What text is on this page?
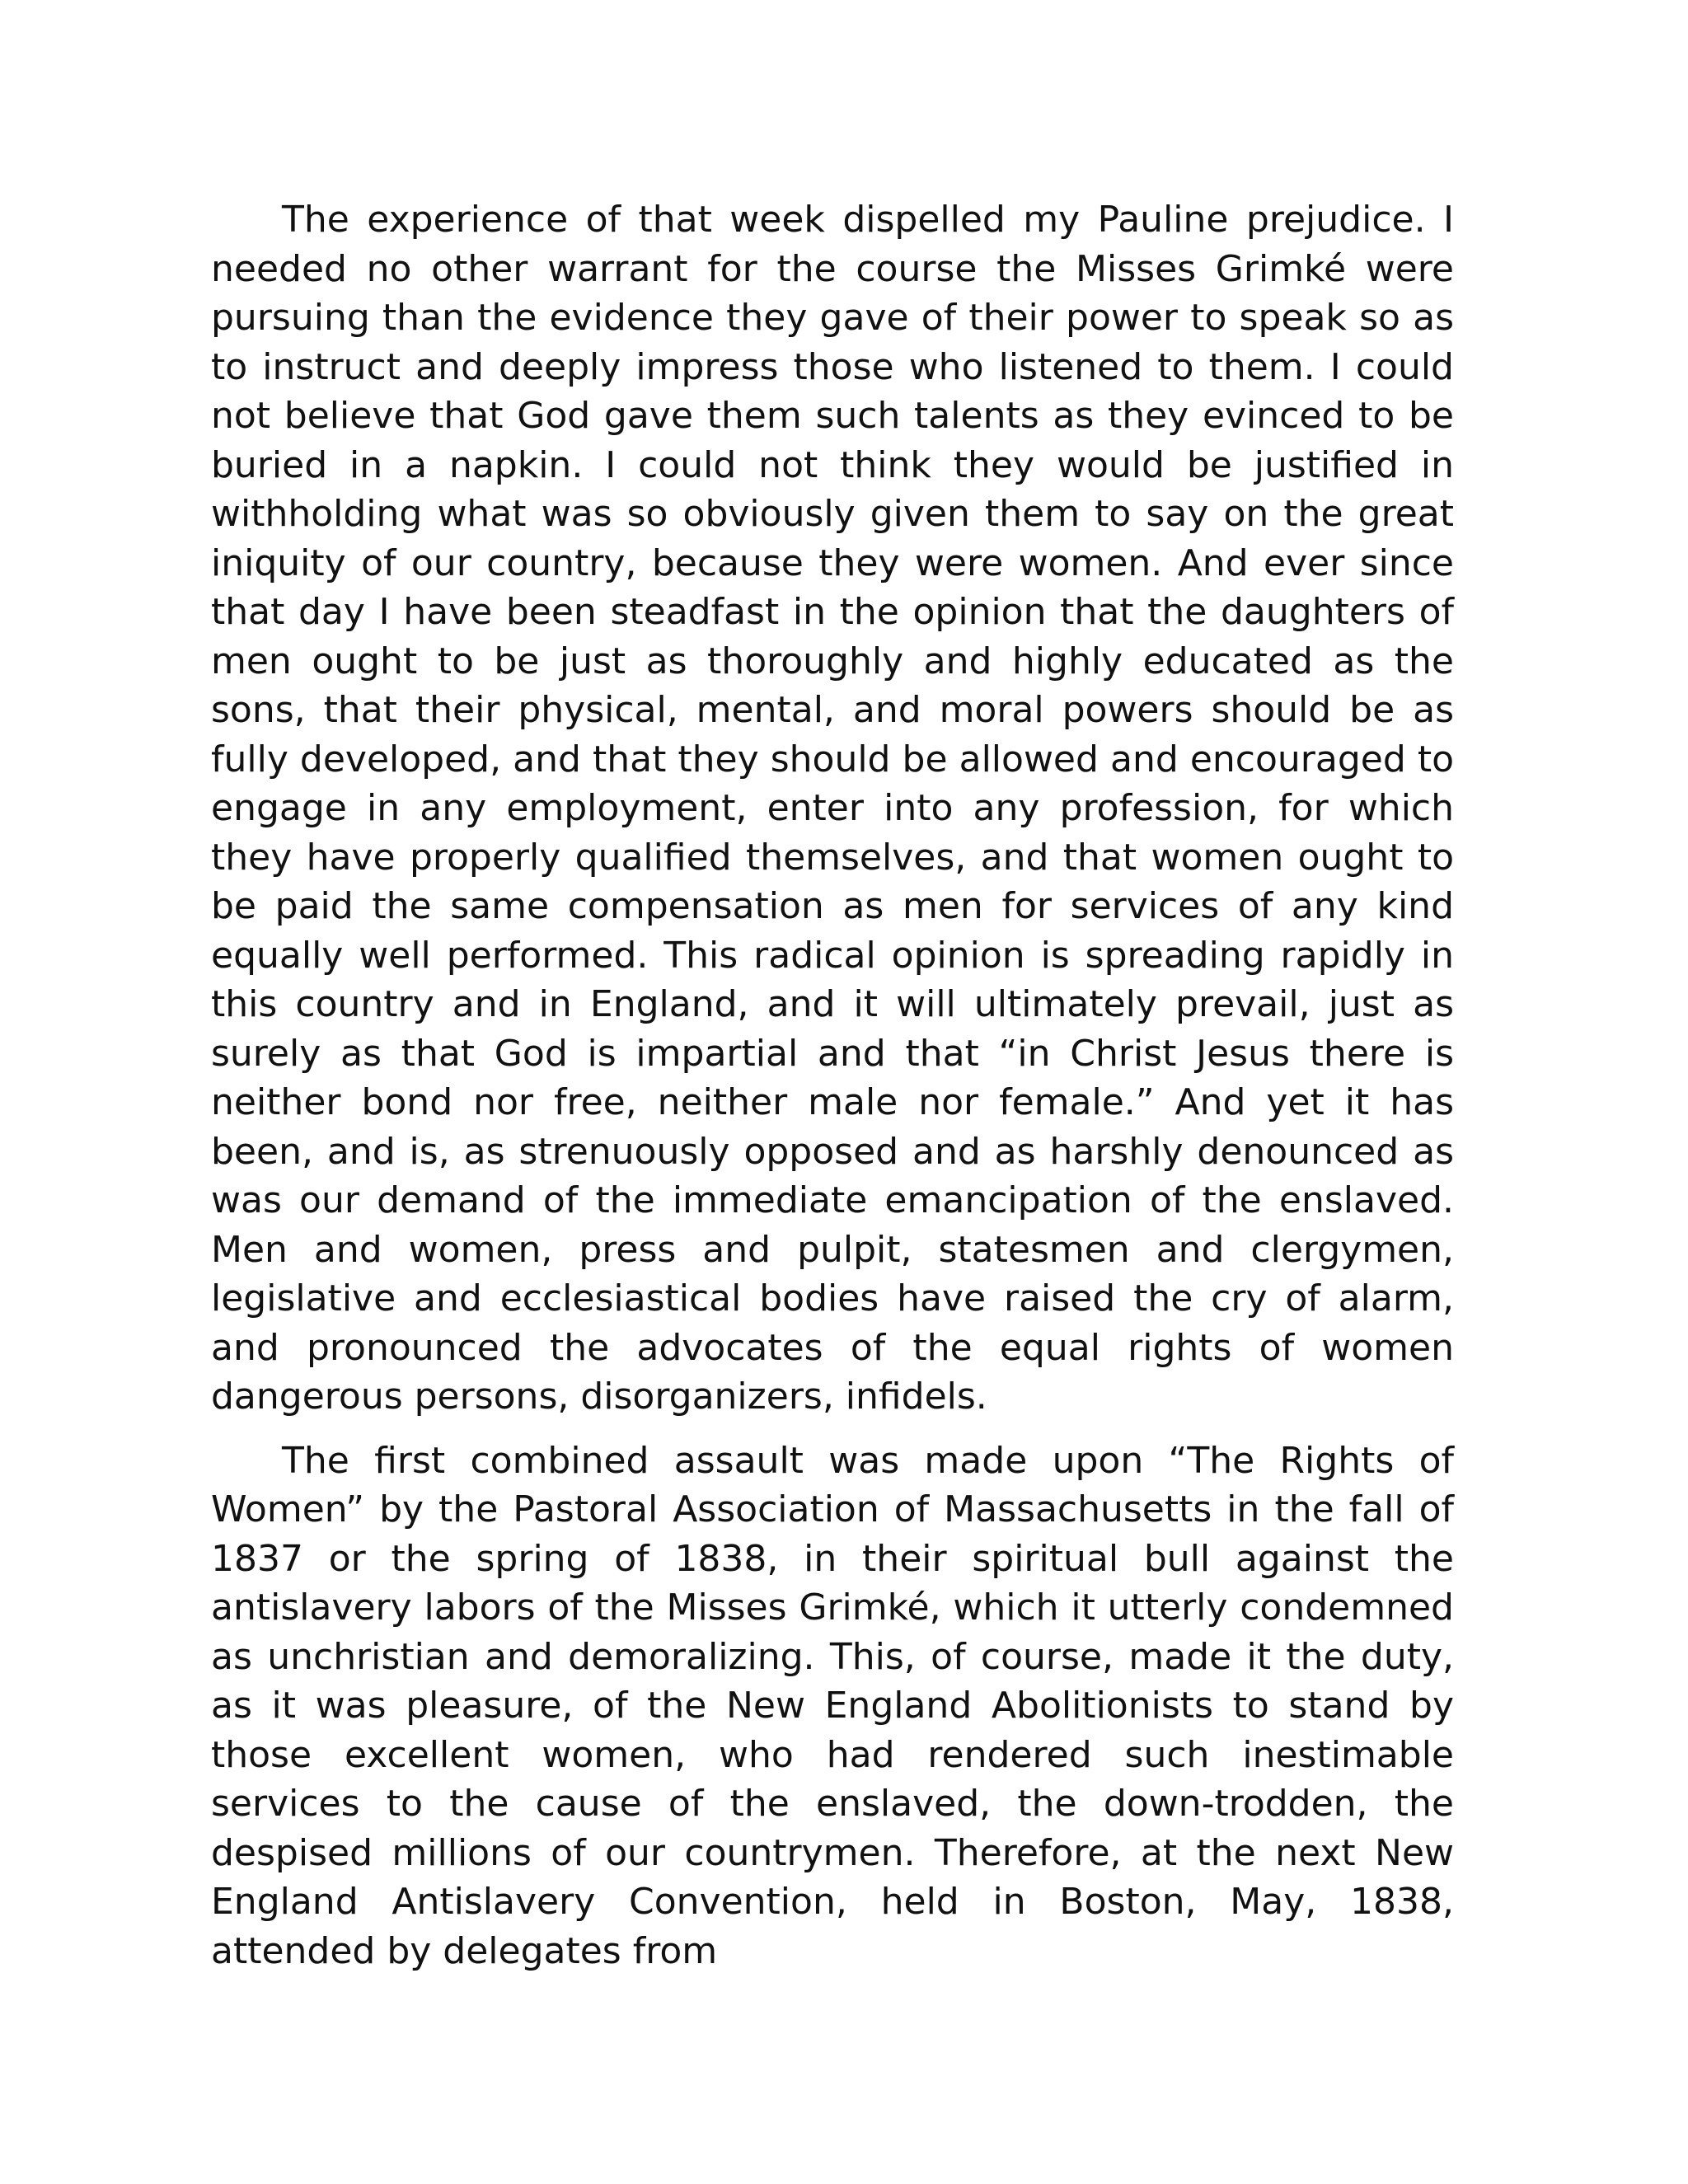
The experience of that week dispelled my Pauline prejudice. I needed no other warrant for the course the Misses Grimké were pursuing than the evidence they gave of their power to speak so as to instruct and deeply impress those who listened to them. I could not believe that God gave them such talents as they evinced to be buried in a napkin. I could not think they would be justified in withholding what was so obviously given them to say on the great iniquity of our country, because they were women. And ever since that day I have been steadfast in the opinion that the daughters of men ought to be just as thoroughly and highly educated as the sons, that their physical, mental, and moral powers should be as fully developed, and that they should be allowed and encouraged to engage in any employment, enter into any profession, for which they have properly qualified themselves, and that women ought to be paid the same compensation as men for services of any kind equally well performed. This radical opinion is spreading rapidly in this country and in England, and it will ultimately prevail, just as surely as that God is impartial and that “in Christ Jesus there is neither bond nor free, neither male nor female.” And yet it has been, and is, as strenuously opposed and as harshly denounced as was our demand of the immediate emancipation of the enslaved. Men and women, press and pulpit, statesmen and clergymen, legislative and ecclesiastical bodies have raised the cry of alarm, and pronounced the advocates of the equal rights of women dangerous persons, disorganizers, infidels.

The first combined assault was made upon “The Rights of Women” by the Pastoral Association of Massachusetts in the fall of 1837 or the spring of 1838, in their spiritual bull against the antislavery labors of the Misses Grimké, which it utterly condemned as unchristian and demoralizing. This, of course, made it the duty, as it was pleasure, of the New England Abolitionists to stand by those excellent women, who had rendered such inestimable services to the cause of the enslaved, the down-trodden, the despised millions of our countrymen. Therefore, at the next New England Antislavery Convention, held in Boston, May, 1838, attended by delegates from
